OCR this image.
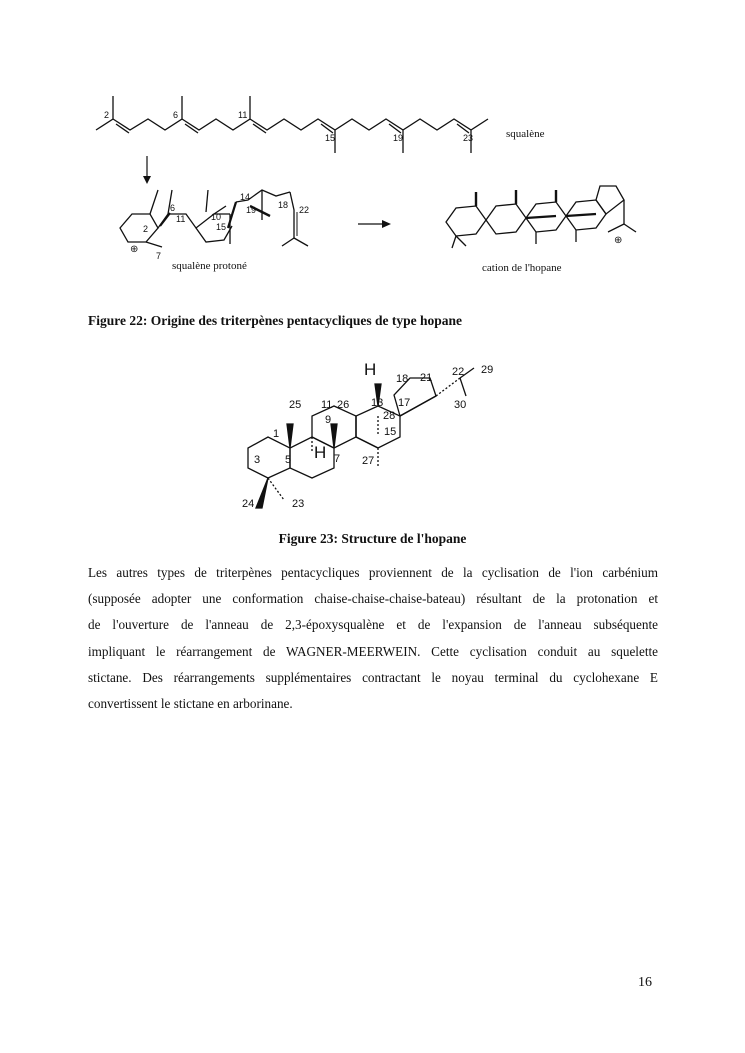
2	6	11
15	19	23	squalène
6
11	10
14
19 18 22
2	15
7
⊕
squalène protoné
⊕
cation de l'hopane
Figure 22: Origine des triterpènes pentacycliques de type hopane
H 18 21 22 29
30
25 11 26 13 17
28
9
1	15
3 5 H 7 27
24	23
Figure 23: Structure de l'hopane
Les autres types de triterpènes pentacycliques proviennent de la cyclisation de l'ion carbénium
(supposée adopter une conformation chaise-chaise-chaise-bateau) résultant de la protonation et
de l'ouverture de l'anneau de 2,3-époxysqualène et de l'expansion de l'anneau subséquente
impliquant le réarrangement de WAGNER-MEERWEIN. Cette cyclisation conduit au squelette
stictane. Des réarrangements supplémentaires contractant le noyau terminal du cyclohexane E
convertissent le stictane en arborinane.
16
